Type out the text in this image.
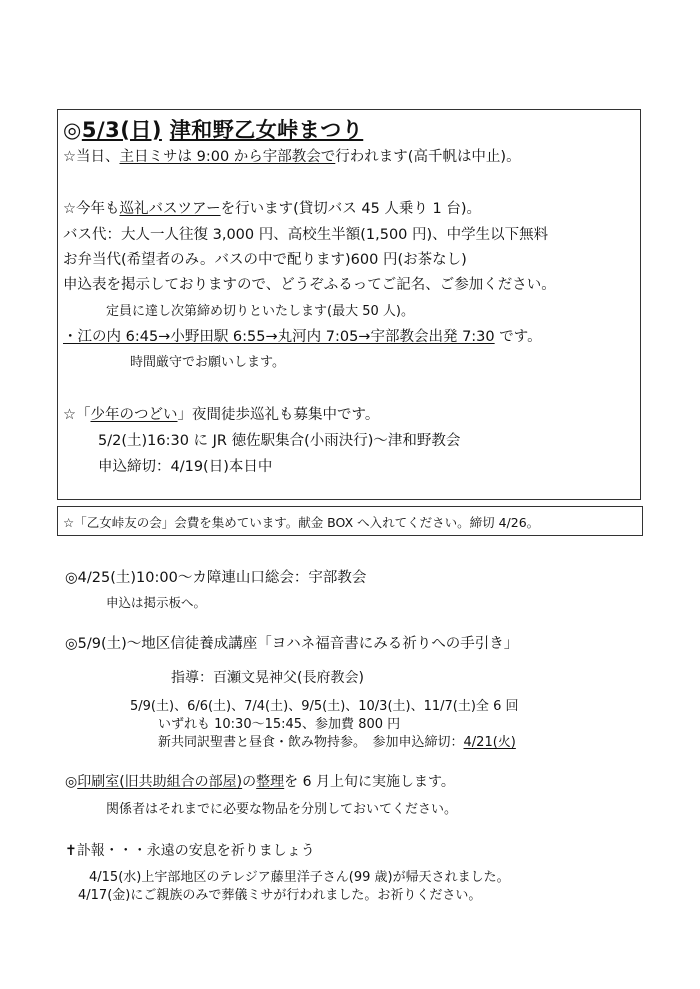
◎5/3(日) 津和野乙女峠まつり
☆当日、主日ミサは 9:00 から宇部教会で行われます(高千帆は中止)。
☆今年も巡礼バスツアーを行います(貸切バス 45 人乗り 1 台)。
バス代：大人一人往復 3,000 円、高校生半額(1,500 円)、中学生以下無料
お弁当代(希望者のみ。バスの中で配ります)600 円(お茶なし)
申込表を掲示しておりますので、どうぞふるってご記名、ご参加ください。
定員に達し次第締め切りといたします(最大 50 人)。
・江の内 6:45→小野田駅 6:55→丸河内 7:05→宇部教会出発 7:30 です。
時間厳守でお願いします。
☆「少年のつどい」夜間徒歩巡礼も募集中です。
5/2(土)16:30 に JR 徳佐駅集合(小雨決行)～津和野教会
申込締切：4/19(日)本日中
☆「乙女峠友の会」会費を集めています。献金 BOX へ入れてください。締切 4/26。
◎4/25(土)10:00～カ障連山口総会：宇部教会
申込は掲示板へ。
◎5/9(土)～地区信徒養成講座「ヨハネ福音書にみる祈りへの手引き」
指導：百瀬文晃神父(長府教会)
5/9(土)、6/6(土)、7/4(土)、9/5(土)、10/3(土)、11/7(土)全 6 回
いずれも 10:30～15:45、参加費 800 円
新共同訳聖書と昼食・飲み物持参。　参加申込締切：4/21(火)
◎印刷室(旧共助組合の部屋)の整理を 6 月上旬に実施します。
関係者はそれまでに必要な物品を分別しておいてください。
✝訃報・・・永遠の安息を祈りましょう
4/15(水)上宇部地区のテレジア藤里洋子さん(99 歳)が帰天されました。
4/17(金)にご親族のみで葬儀ミサが行われました。お祈りください。
